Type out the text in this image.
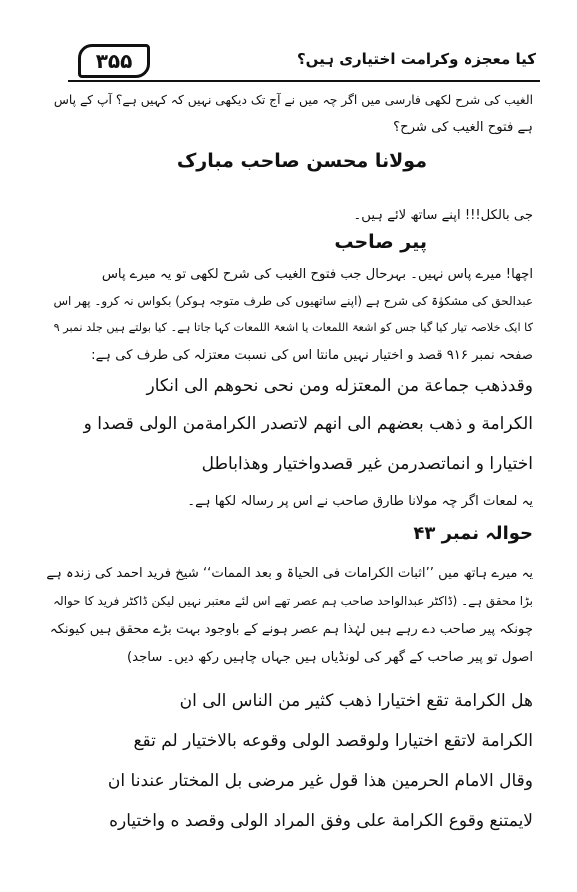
۳۵۵	کیا معجزہ وکرامت اختیاری ہیں؟
الغیب کی شرح لکھی فارسی میں اگر چہ میں نے آج تک دیکھی نہیں کہ کہیں ہے؟ آپ کے پاس
ہے فتوح الغیب کی شرح؟
مولانا محسن صاحب مبارک
جی بالکل!!! اپنے ساتھ لائے ہیں۔
پیر صاحب
اچھا! میرے پاس نہیں۔ بہرحال جب فتوح الغیب کی شرح لکھی تو یہ میرے پاس
عبدالحق کی مشکوٰۃ کی شرح ہے (اپنے ساتھیوں کی طرف متوجہ ہوکر) بکواس نہ کرو۔ پھر اس
کا ایک خلاصہ تیار کیا گیا جس کو اشعۃ اللمعات یا اشعۃ اللمعات کہا جاتا ہے۔ کیا بولتے ہیں جلد نمبر ۹
صفحہ نمبر ۹۱۶ قصد و اختیار نہیں مانتا اس کی نسبت معتزلہ کی طرف کی ہے:
وقدذهب جماعة من المعتزله ومن نحى نحوهم الى انكار
الكرامة و ذهب بعضهم الى انهم لاتصدر الكرامةمن الولى قصدا و
اختيارا و انماتصدرمن غير قصدواختيار وهذاباطل
یہ لمعات اگر چہ مولانا طارق صاحب نے اس پر رسالہ لکھا ہے۔
حوالہ نمبر ۴۳
یہ میرے ہاتھ میں ’’اثبات الکرامات فی الحیاۃ و بعد الممات‘‘ شیخ فرید احمد کی زندہ ہے
بڑا محقق ہے۔ (ڈاکٹر عبدالواحد صاحب ہم عصر تھے اس لئے معتبر نہیں لیکن ڈاکٹر فرید کا حوالہ
چونکہ پیر صاحب دے رہے ہیں لہٰذا ہم عصر ہونے کے باوجود بہت بڑے محقق ہیں کیونکہ
اصول تو پیر صاحب کے گھر کی لونڈیاں ہیں جہاں چاہیں رکھ دیں۔ ساجد)
هل الكرامة تقع اختيارا ذهب كثير من الناس الى ان
الكرامة لاتقع اختيارا ولوقصد الولى وقوعه بالاختيار لم تقع
وقال الامام الحرمين هذا قول غير مرضى بل المختار عندنا ان
لايمتنع وقوع الكرامة على وفق المراد الولى وقصد ه واختياره
